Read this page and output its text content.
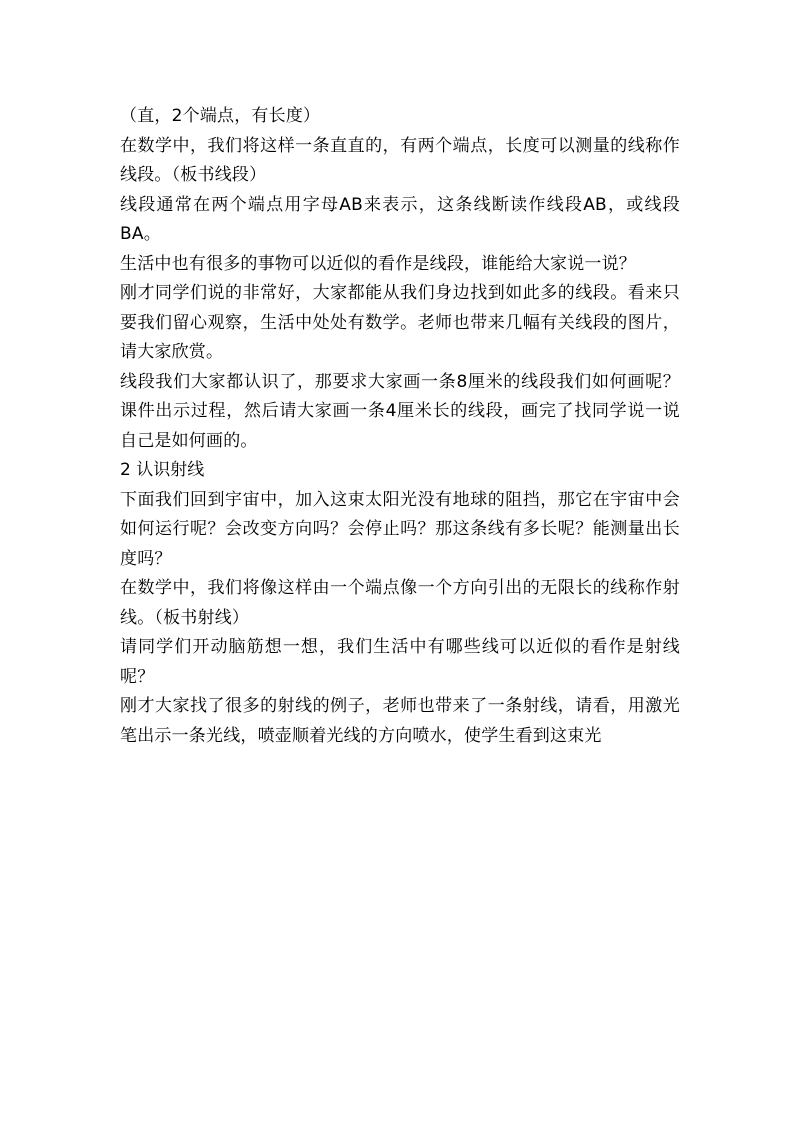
（直，2个端点，有长度）

在数学中，我们将这样一条直直的，有两个端点，长度可以测量的线称作线段。（板书线段）

线段通常在两个端点用字母AB来表示，这条线断读作线段AB，或线段BA。

生活中也有很多的事物可以近似的看作是线段，谁能给大家说一说？

刚才同学们说的非常好，大家都能从我们身边找到如此多的线段。看来只要我们留心观察，生活中处处有数学。老师也带来几幅有关线段的图片，请大家欣赏。

线段我们大家都认识了，那要求大家画一条8厘米的线段我们如何画呢？课件出示过程，然后请大家画一条4厘米长的线段，画完了找同学说一说自己是如何画的。

2 认识射线

下面我们回到宇宙中，加入这束太阳光没有地球的阻挡，那它在宇宙中会如何运行呢？会改变方向吗？会停止吗？那这条线有多长呢？能测量出长度吗？

在数学中，我们将像这样由一个端点像一个方向引出的无限长的线称作射线。（板书射线）

请同学们开动脑筋想一想，我们生活中有哪些线可以近似的看作是射线呢？

刚才大家找了很多的射线的例子，老师也带来了一条射线，请看，用激光笔出示一条光线，喷壶顺着光线的方向喷水，使学生看到这束光
